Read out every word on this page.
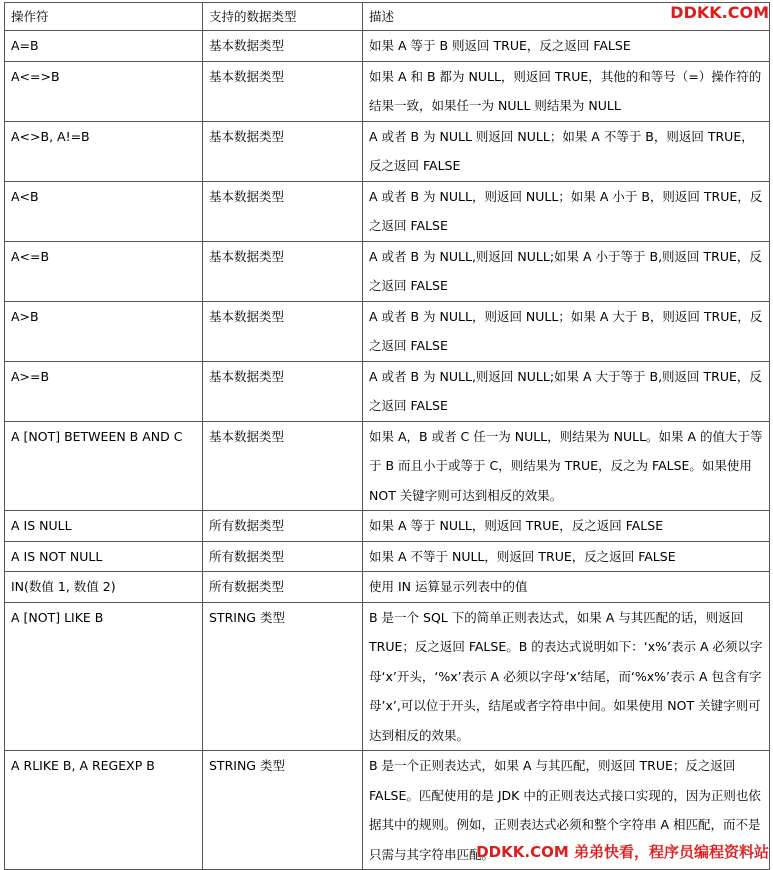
操作符	支持的数据类型	描述
A=B	基本数据类型	如果 A 等于 B 则返回 TRUE，反之返回 FALSE
A<=>B	基本数据类型	如果 A 和 B 都为 NULL，则返回 TRUE，其他的和等号（=）操作符的结果一致，如果任一为 NULL 则结果为 NULL
A<>B, A!=B	基本数据类型	A 或者 B 为 NULL 则返回 NULL；如果 A 不等于 B，则返回 TRUE，反之返回 FALSE
A<B	基本数据类型	A 或者 B 为 NULL，则返回 NULL；如果 A 小于 B，则返回 TRUE，反之返回 FALSE
A<=B	基本数据类型	A 或者 B 为 NULL,则返回 NULL;如果 A 小于等于 B,则返回 TRUE，反之返回 FALSE
A>B	基本数据类型	A 或者 B 为 NULL，则返回 NULL；如果 A 大于 B，则返回 TRUE，反之返回 FALSE
A>=B	基本数据类型	A 或者 B 为 NULL,则返回 NULL;如果 A 大于等于 B,则返回 TRUE，反之返回 FALSE
A [NOT] BETWEEN B AND C	基本数据类型	如果 A，B 或者 C 任一为 NULL，则结果为 NULL。如果 A 的值大于等于 B 而且小于或等于 C，则结果为 TRUE，反之为 FALSE。如果使用 NOT 关键字则可达到相反的效果。
A IS NULL	所有数据类型	如果 A 等于 NULL，则返回 TRUE，反之返回 FALSE
A IS NOT NULL	所有数据类型	如果 A 不等于 NULL，则返回 TRUE，反之返回 FALSE
IN(数值 1, 数值 2)	所有数据类型	使用 IN 运算显示列表中的值
A [NOT] LIKE B	STRING 类型	B 是一个 SQL 下的简单正则表达式，如果 A 与其匹配的话，则返回 TRUE；反之返回 FALSE。B 的表达式说明如下：‘x%’表示 A 必须以字母‘x’开头，‘%x’表示 A 必须以字母’x’结尾，而‘%x%’表示 A 包含有字母’x’,可以位于开头，结尾或者字符串中间。如果使用 NOT 关键字则可达到相反的效果。
A RLIKE B, A REGEXP B	STRING 类型	B 是一个正则表达式，如果 A 与其匹配，则返回 TRUE；反之返回 FALSE。匹配使用的是 JDK 中的正则表达式接口实现的，因为正则也依据其中的规则。例如，正则表达式必须和整个字符串 A 相匹配，而不是只需与其字符串匹配。
DDKK.COM
DDKK.COM 弟弟快看，程序员编程资料站
